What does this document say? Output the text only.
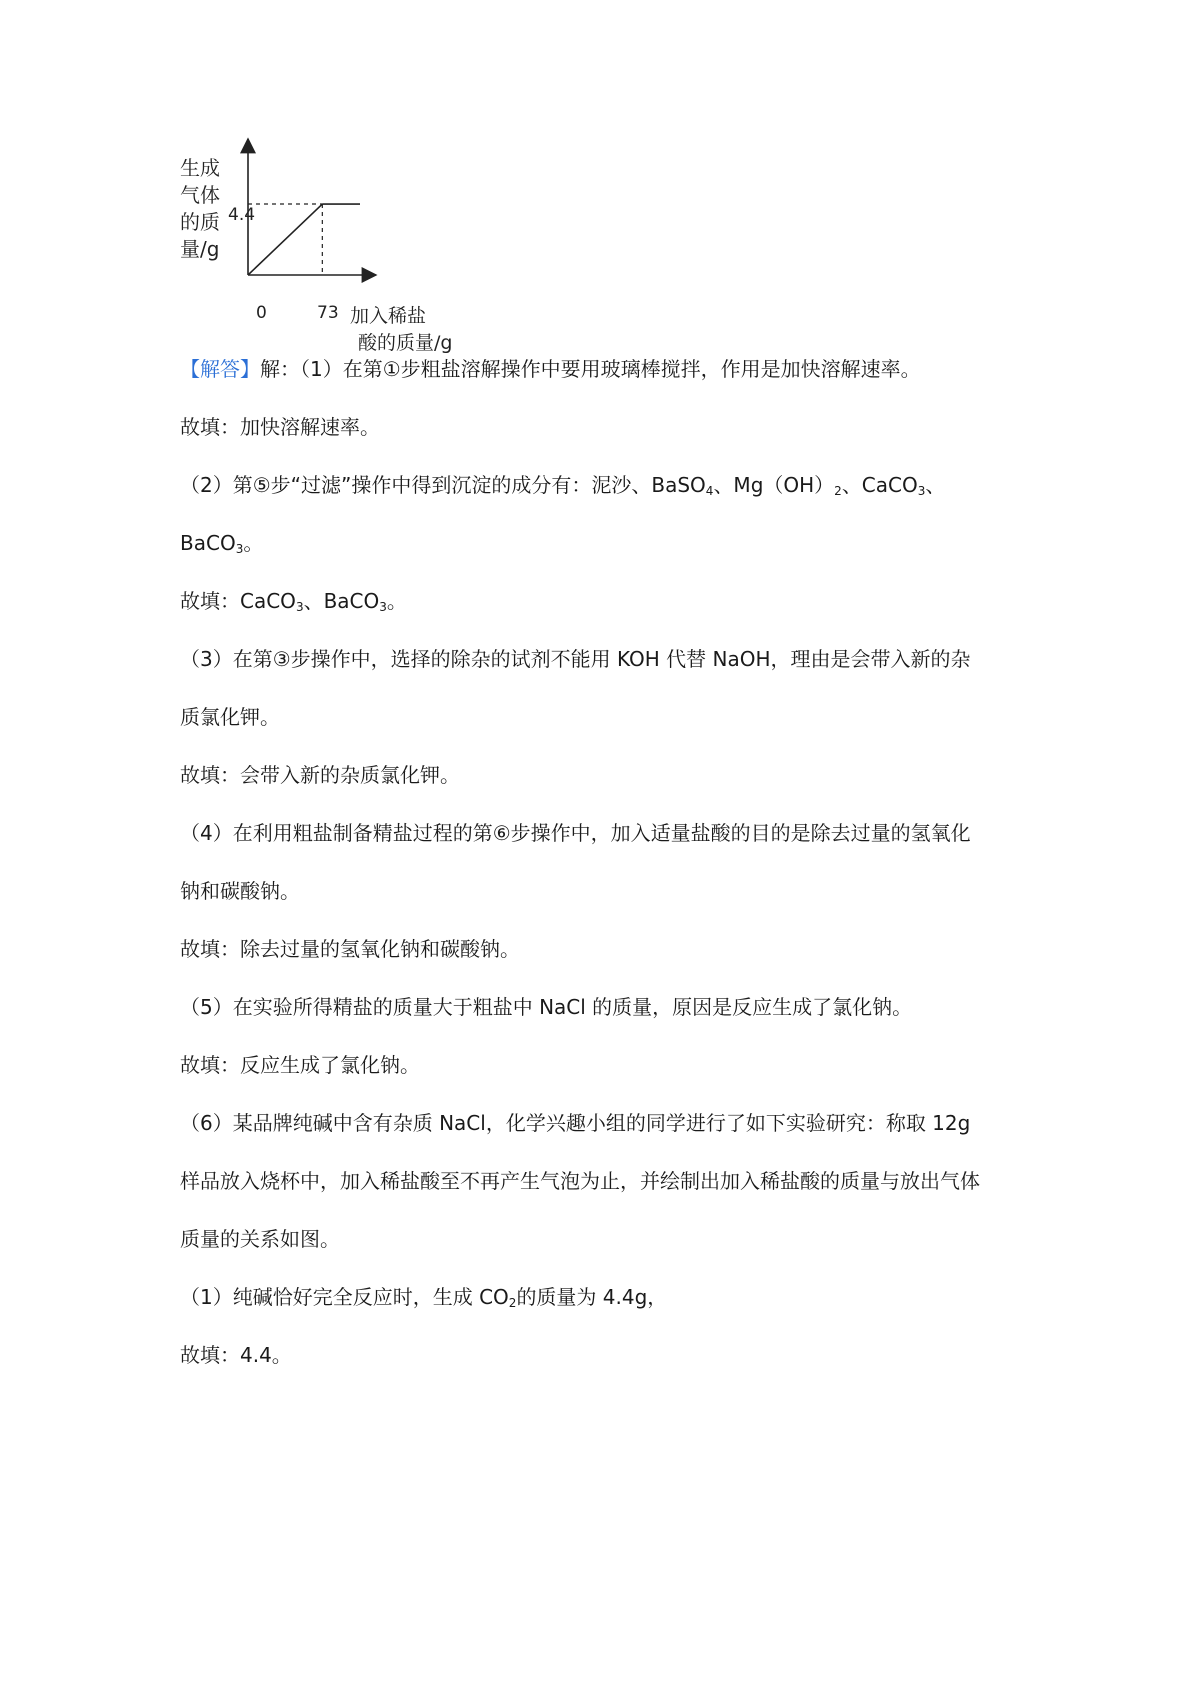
生成
气体
的质
量/g
4.4
0	73 加入稀盐
酸的质量/g
【解答】解：（1）在第①步粗盐溶解操作中要用玻璃棒搅拌，作用是加快溶解速率。
故填：加快溶解速率。
（2）第⑤步“过滤”操作中得到沉淀的成分有：泥沙、BaSO$_4$、$Mg(OH)_2$、CaCO$_3$、
BaCO$_3$。
故填：CaCO$_3$、BaCO$_3$。
（3）在第③步操作中，选择的除杂的试剂不能用 KOH 代替 NaOH，理由是会带入新的杂
质氯化钾。
故填：会带入新的杂质氯化钾。
（4）在利用粗盐制备精盐过程的第⑥步操作中，加入适量盐酸的目的是除去过量的氢氧化
钠和碳酸钠。
故填：除去过量的氢氧化钠和碳酸钠。
（5）在实验所得精盐的质量大于粗盐中 NaCl 的质量，原因是反应生成了氯化钠。
故填：反应生成了氯化钠。
（6）某品牌纯碱中含有杂质 NaCl，化学兴趣小组的同学进行了如下实验研究：称取 12g
样品放入烧杯中，加入稀盐酸至不再产生气泡为止，并绘制出加入稀盐酸的质量与放出气体
质量的关系如图。
（1）纯碱恰好完全反应时，生成 $CO_2$的质量为 4.4g，
故填：4.4。
